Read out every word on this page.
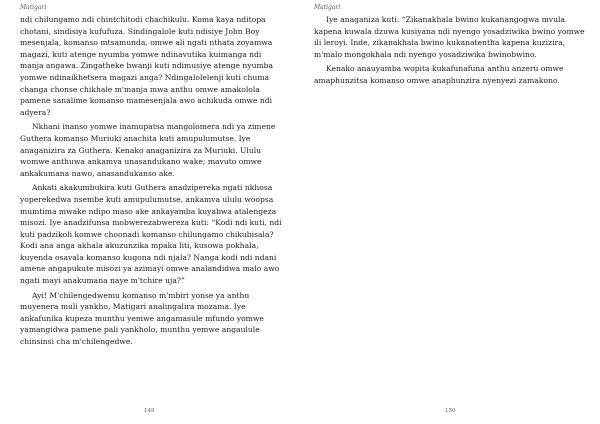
Matigari

ndi chilungamo ndi chintchitodi chachikulu. Koma kaya nditopa chotani, sindisiya kufufuza. Sindingalole kuti ndisiye John Boy mesenjala, komanso mtsamunda, omwe ali ngati nthata zoyamwa magazi, kuti atenge nyumba yomwe ndinavutika kuimanga ndi manja angawa. Zingatheke bwanji kuti ndimusiye atenge nyumba yomwe ndinaikhetsera magazi anga? Ndingalolelenji kuti chuma changa chonse chikhale m'manja mwa anthu omwe amakolola pamene sanalime komanso mamesenjala awo achikuda omwe ndi adyera?

Nkhani inanso yomwe inamupatsa mangolomera ndi ya zimene Guthera komanso Muriuki anachita kuti amupulumutse. Iye anaganizira za Guthera. Kenako anaganizira za Muriuki. Ululu womwe anthuwa ankamva unasandukano wake; mavuto omwe ankakumana nawo, anasandukanso ake.

Ankati akakumbukira kuti Guthera anadzipereka ngati nkhosa yoperekedwa nsembe kuti amupulumutse, ankamva ululu woopsa mumtima mwake ndipo maso ake ankayamba kuyabwa atalengeza misozi. Iye anadzifunsa mobwerezabwereza kuti: “Kodi ndi kuti, ndi kuti padzikoli komwe choonadi komanso chilungamo chikubisala? Kodi ana anga akhala akuzunzika mpaka liti, kusowa pokhala, kuyenda osavala komanso kugona ndi njala? Nanga kodi ndi ndani amene angapukute misozi ya azimayi omwe analandidwa malo awo ngati mayi anakumana naye m'tchire uja?”

Ayi! M'chilengedwemu komanso m'mbiri yonse ya anthu muyenera muli yankho, Matigari analingalira mozama. Iye ankafunika kupeza munthu yemwe angamasule mfundo yomwe yamangidwa pamene pali yankholo, munthu yemwe angaulule chinsinsi cha m'chilengedwe.

149
Matigari

Iye anaganiza kuti: “Zikanakhala bwino kukanangogwa mvula kapena kuwala dzuwa kusiyana ndi nyengo yosadziwika bwino yomwe ili leroyi. Inde, zikanakhala bwino kukanatentha kapena kuzizira, m'malo mongokhala ndi nyengo yosadziwika bwinobwino.

Kenako anauyamba wopita kukafunafuna anthu anzeru omwe amaphunzitsa komanso omwe anaphunzira nyenyezi zamakono.

150
